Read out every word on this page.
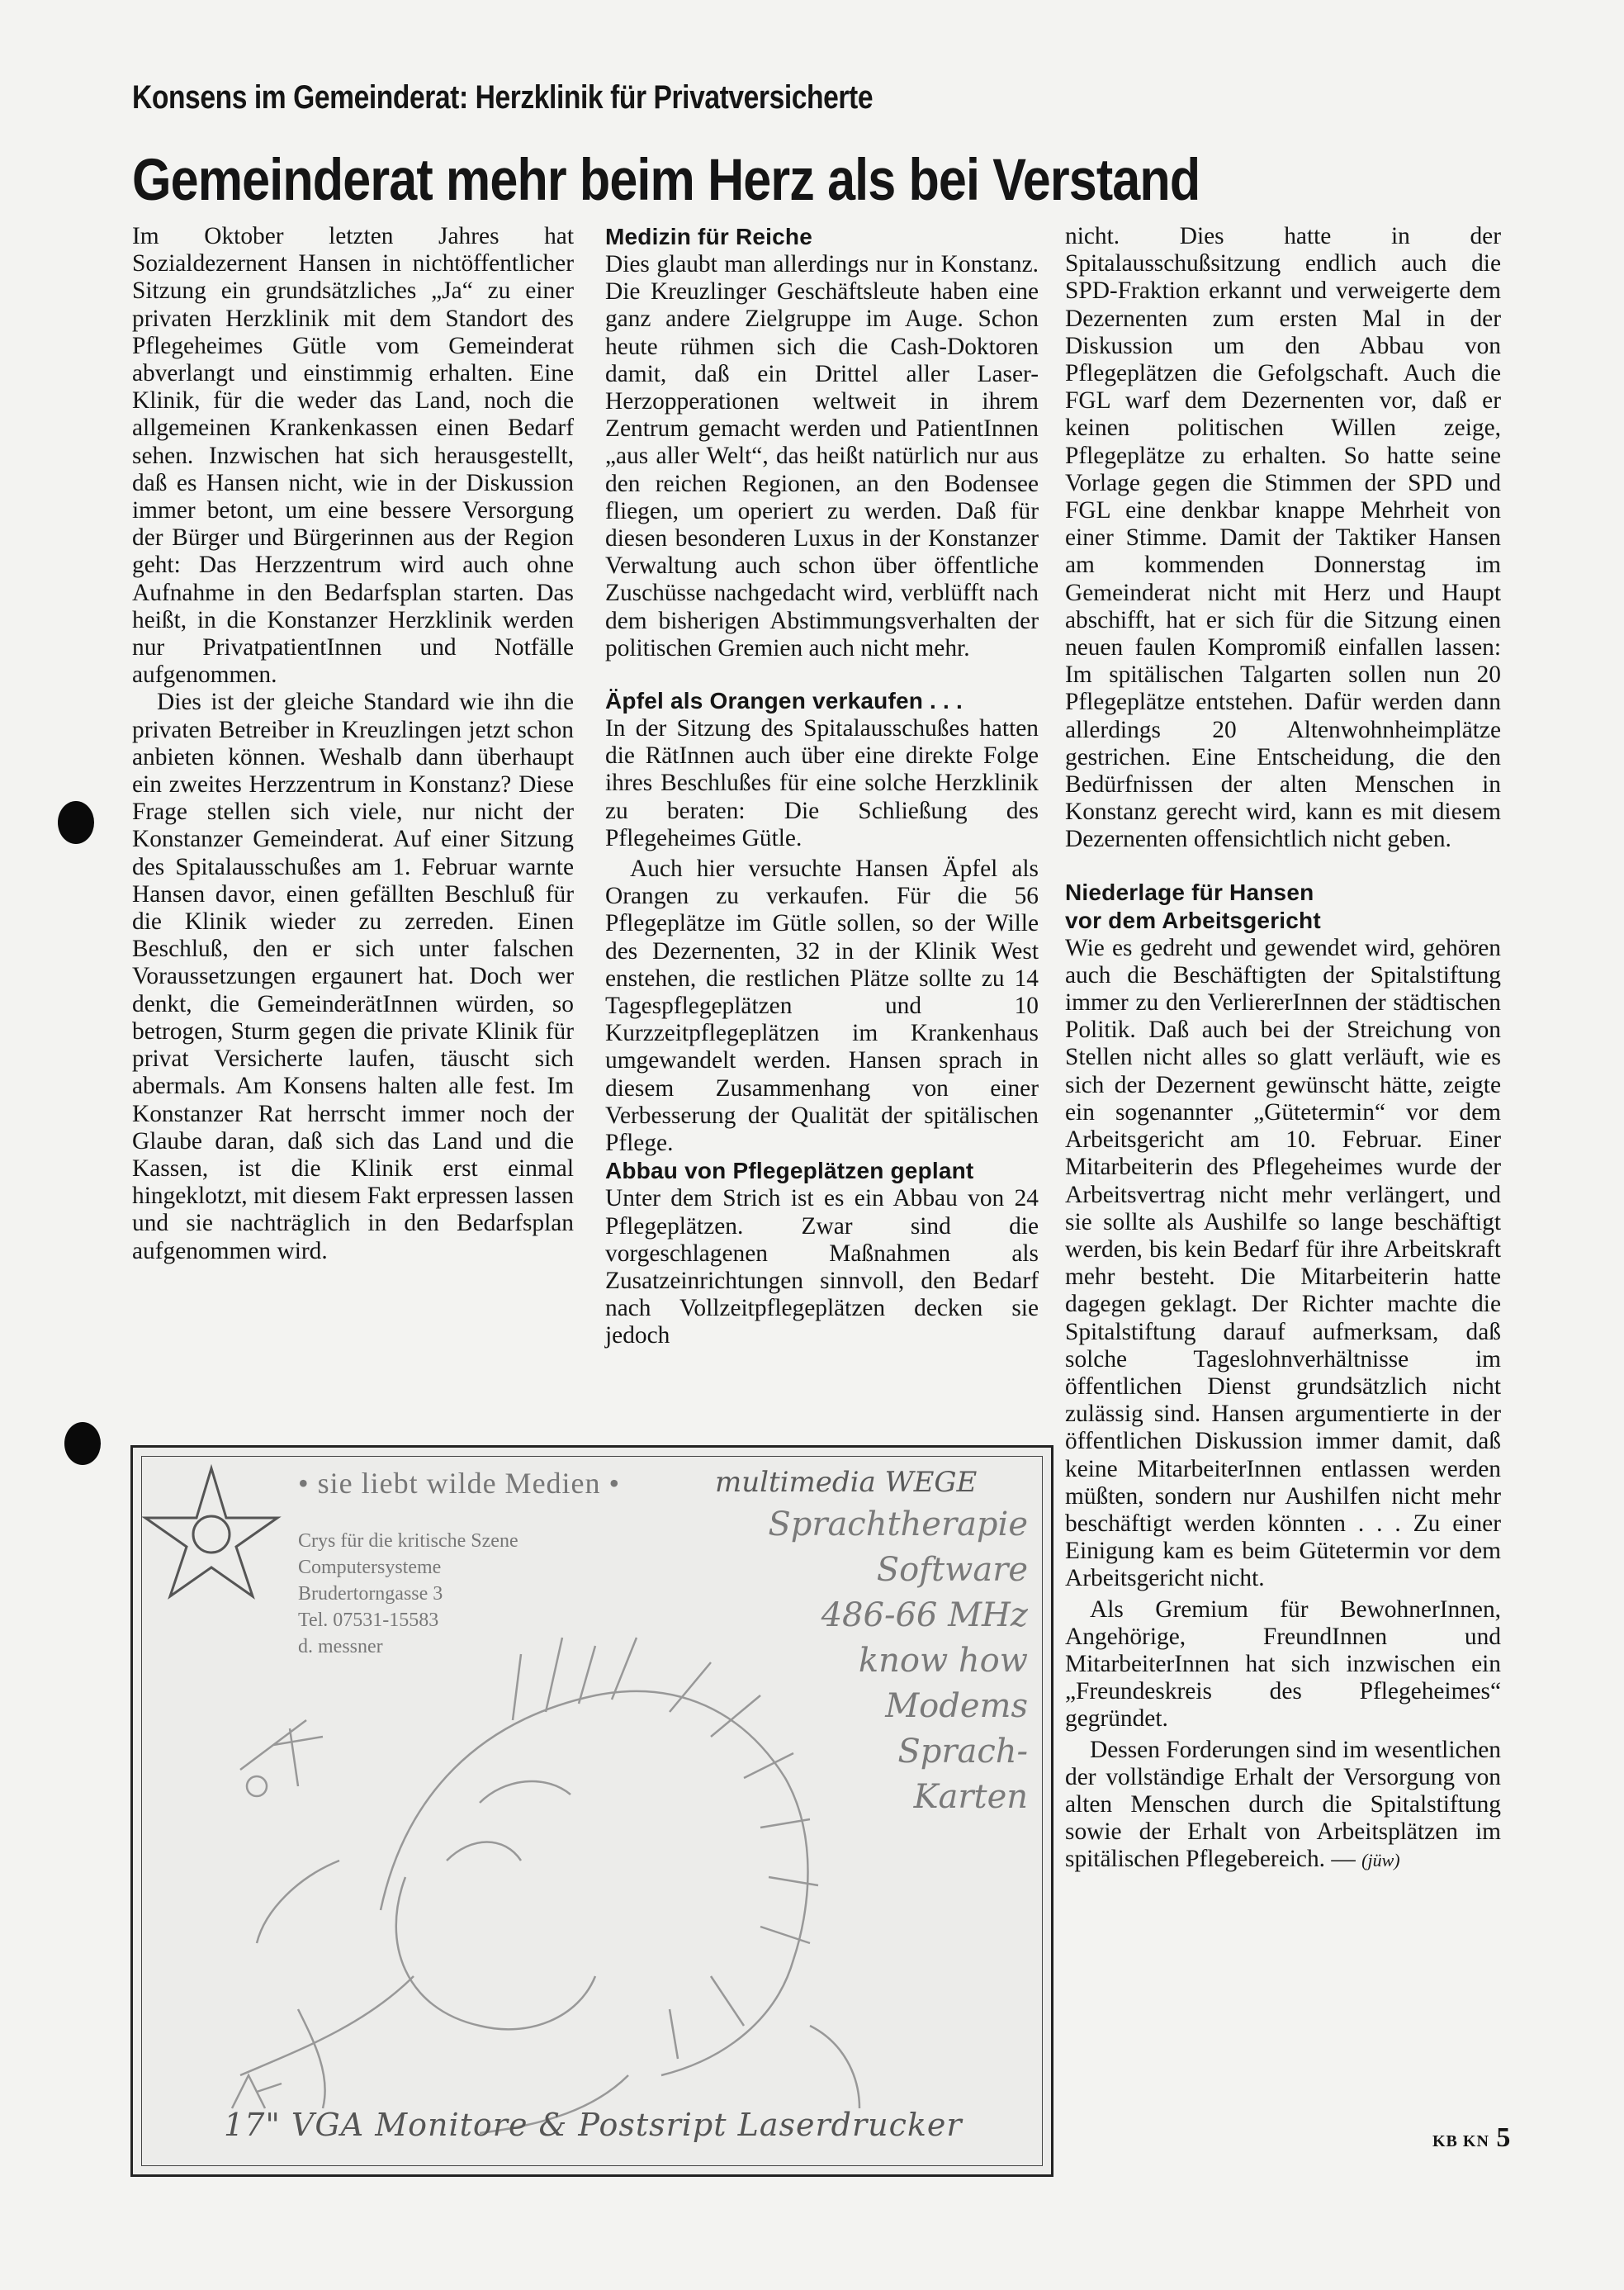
Konsens im Gemeinderat: Herzklinik für Privatversicherte
Gemeinderat mehr beim Herz als bei Verstand

Im Oktober letzten Jahres hat Sozialdezernent Hansen in nichtöffentlicher Sitzung ein grundsätzliches „Ja“ zu einer privaten Herzklinik mit dem Standort des Pflegeheimes Gütle vom Gemeinderat abverlangt und einstimmig erhalten. Eine Klinik, für die weder das Land, noch die allgemeinen Krankenkassen einen Bedarf sehen. Inzwischen hat sich herausgestellt, daß es Hansen nicht, wie in der Diskussion immer betont, um eine bessere Versorgung der Bürger und Bürgerinnen aus der Region geht: Das Herzzentrum wird auch ohne Aufnahme in den Bedarfsplan starten. Das heißt, in die Konstanzer Herzklinik werden nur PrivatpatientInnen und Notfälle aufgenommen.

Dies ist der gleiche Standard wie ihn die privaten Betreiber in Kreuzlingen jetzt schon anbieten können. Weshalb dann überhaupt ein zweites Herzzentrum in Konstanz? Diese Frage stellen sich viele, nur nicht der Konstanzer Gemeinderat. Auf einer Sitzung des Spitalausschußes am 1. Februar warnte Hansen davor, einen gefällten Beschluß für die Klinik wieder zu zerreden. Einen Beschluß, den er sich unter falschen Voraussetzungen ergaunert hat. Doch wer denkt, die GemeinderätInnen würden, so betrogen, Sturm gegen die private Klinik für privat Versicherte laufen, täuscht sich abermals. Am Konsens halten alle fest. Im Konstanzer Rat herrscht immer noch der Glaube daran, daß sich das Land und die Kassen, ist die Klinik erst einmal hingeklotzt, mit diesem Fakt erpressen lassen und sie nachträglich in den Bedarfsplan aufgenommen wird.

Medizin für Reiche

Dies glaubt man allerdings nur in Konstanz. Die Kreuzlinger Geschäftsleute haben eine ganz andere Zielgruppe im Auge. Schon heute rühmen sich die Cash-Doktoren damit, daß ein Drittel aller Laser-Herzopperationen weltweit in ihrem Zentrum gemacht werden und PatientInnen „aus aller Welt“, das heißt natürlich nur aus den reichen Regionen, an den Bodensee fliegen, um operiert zu werden. Daß für diesen besonderen Luxus in der Konstanzer Verwaltung auch schon über öffentliche Zuschüsse nachgedacht wird, verblüfft nach dem bisherigen Abstimmungsverhalten der politischen Gremien auch nicht mehr.

Äpfel als Orangen verkaufen . . .

In der Sitzung des Spitalausschußes hatten die RätInnen auch über eine direkte Folge ihres Beschlußes für eine solche Herzklinik zu beraten: Die Schließung des Pflegeheimes Gütle.

Auch hier versuchte Hansen Äpfel als Orangen zu verkaufen. Für die 56 Pflegeplätze im Gütle sollen, so der Wille des Dezernenten, 32 in der Klinik West enstehen, die restlichen Plätze sollte zu 14 Tagespflegeplätzen und 10 Kurzzeitpflegeplätzen im Krankenhaus umgewandelt werden. Hansen sprach in diesem Zusammenhang von einer Verbesserung der Qualität der spitälischen Pflege.

Abbau von Pflegeplätzen geplant

Unter dem Strich ist es ein Abbau von 24 Pflegeplätzen. Zwar sind die vorgeschlagenen Maßnahmen als Zusatzeinrichtungen sinnvoll, den Bedarf nach Vollzeitpflegeplätzen decken sie jedoch

nicht. Dies hatte in der Spitalausschußsitzung endlich auch die SPD-Fraktion erkannt und verweigerte dem Dezernenten zum ersten Mal in der Diskussion um den Abbau von Pflegeplätzen die Gefolgschaft. Auch die FGL warf dem Dezernenten vor, daß er keinen politischen Willen zeige, Pflegeplätze zu erhalten. So hatte seine Vorlage gegen die Stimmen der SPD und FGL eine denkbar knappe Mehrheit von einer Stimme. Damit der Taktiker Hansen am kommenden Donnerstag im Gemeinderat nicht mit Herz und Haupt abschifft, hat er sich für die Sitzung einen neuen faulen Kompromiß einfallen lassen: Im spitälischen Talgarten sollen nun 20 Pflegeplätze entstehen. Dafür werden dann allerdings 20 Altenwohnheimplätze gestrichen. Eine Entscheidung, die den Bedürfnissen der alten Menschen in Konstanz gerecht wird, kann es mit diesem Dezernenten offensichtlich nicht geben.

Niederlage für Hansen

vor dem Arbeitsgericht

Wie es gedreht und gewendet wird, gehören auch die Beschäftigten der Spitalstiftung immer zu den VerliererInnen der städtischen Politik. Daß auch bei der Streichung von Stellen nicht alles so glatt verläuft, wie es sich der Dezernent gewünscht hätte, zeigte ein sogenannter „Gütetermin“ vor dem Arbeitsgericht am 10. Februar. Einer Mitarbeiterin des Pflegeheimes wurde der Arbeitsvertrag nicht mehr verlängert, und sie sollte als Aushilfe so lange beschäftigt werden, bis kein Bedarf für ihre Arbeitskraft mehr besteht. Die Mitarbeiterin hatte dagegen geklagt. Der Richter machte die Spitalstiftung darauf aufmerksam, daß solche Tageslohnverhältnisse im öffentlichen Dienst grundsätzlich nicht zulässig sind. Hansen argumentierte in der öffentlichen Diskussion immer damit, daß keine MitarbeiterInnen entlassen werden müßten, sondern nur Aushilfen nicht mehr beschäftigt werden könnten . . . Zu einer Einigung kam es beim Gütetermin vor dem Arbeitsgericht nicht.

Als Gremium für BewohnerInnen, Angehörige, FreundInnen und MitarbeiterInnen hat sich inzwischen ein „Freundeskreis des Pflegeheimes“ gegründet.

Dessen Forderungen sind im wesentlichen der vollständige Erhalt der Versorgung von alten Menschen durch die Spitalstiftung sowie der Erhalt von Arbeitsplätzen im spitälischen Pflegebereich. — (jüw)

• sie liebt wilde Medien •	multimedia WEGE
Sprachtherapie
Software
486-66 MHz
know how
Modems
Sprach-
Karten
Crys für die kritische Szene
Computersysteme
Brudertorngasse 3
Tel. 07531-15583
d. messner
17" VGA Monitore & Postsript Laserdrucker	KB KN 5
